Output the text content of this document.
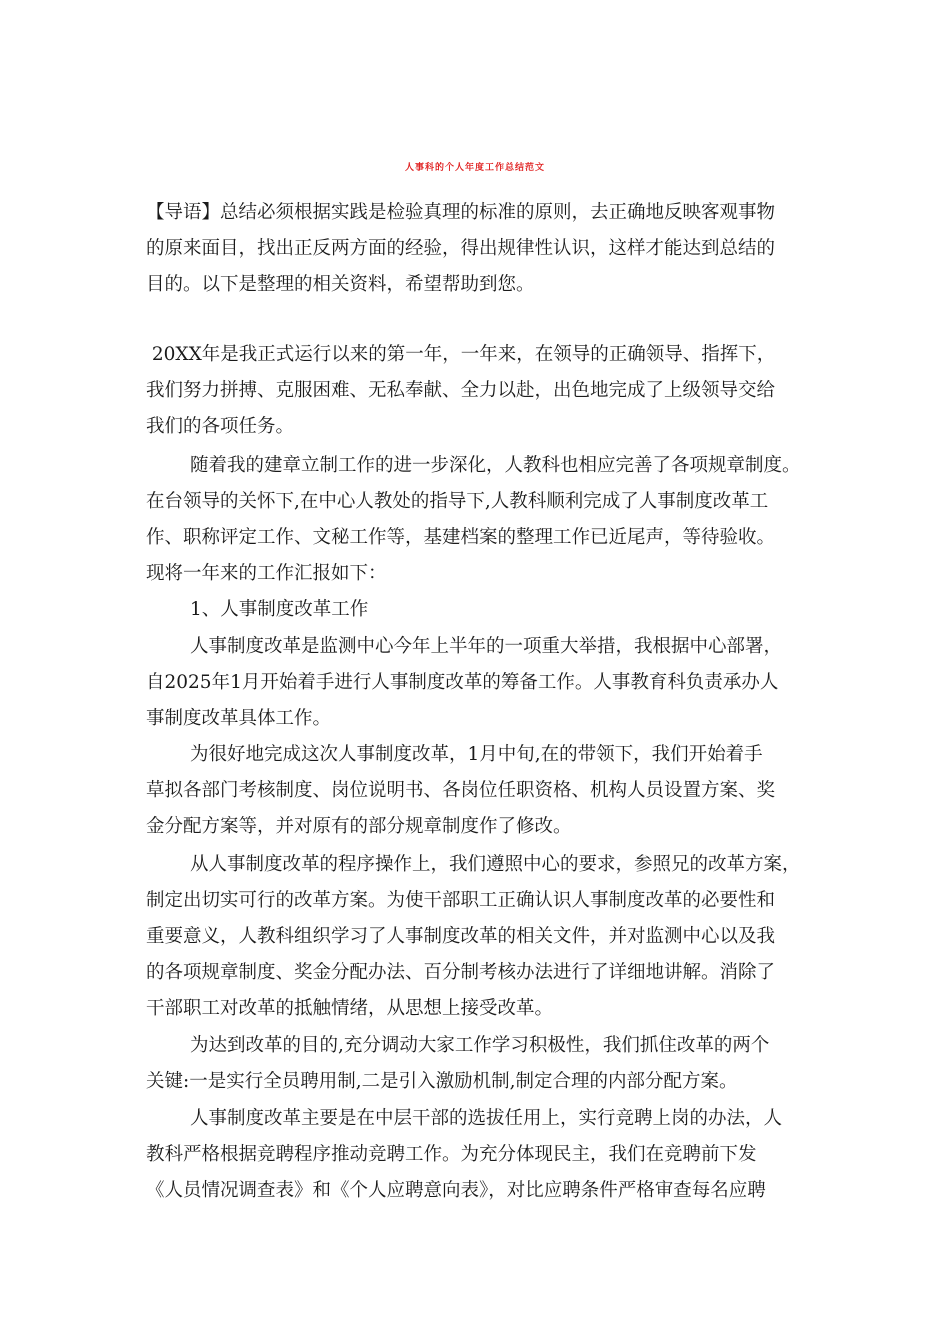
人事科的个人年度工作总结范文
【导语】总结必须根据实践是检验真理的标准的原则，去正确地反映客观事物
的原来面目，找出正反两方面的经验，得出规律性认识，这样才能达到总结的
目的。以下是整理的相关资料，希望帮助到您。
20XX年是我正式运行以来的第一年，一年来，在领导的正确领导、指挥下，
我们努力拼搏、克服困难、无私奉献、全力以赴，出色地完成了上级领导交给
我们的各项任务。
随着我的建章立制工作的进一步深化，人教科也相应完善了各项规章制度。
在台领导的关怀下,在中心人教处的指导下,人教科顺利完成了人事制度改革工
作、职称评定工作、文秘工作等，基建档案的整理工作已近尾声，等待验收。
现将一年来的工作汇报如下：
1、人事制度改革工作
人事制度改革是监测中心今年上半年的一项重大举措，我根据中心部署，
自2025年1月开始着手进行人事制度改革的筹备工作。人事教育科负责承办人
事制度改革具体工作。
为很好地完成这次人事制度改革，1月中旬,在的带领下，我们开始着手
草拟各部门考核制度、岗位说明书、各岗位任职资格、机构人员设置方案、奖
金分配方案等，并对原有的部分规章制度作了修改。
从人事制度改革的程序操作上，我们遵照中心的要求，参照兄的改革方案，
制定出切实可行的改革方案。为使干部职工正确认识人事制度改革的必要性和
重要意义，人教科组织学习了人事制度改革的相关文件，并对监测中心以及我
的各项规章制度、奖金分配办法、百分制考核办法进行了详细地讲解。消除了
干部职工对改革的抵触情绪，从思想上接受改革。
为达到改革的目的,充分调动大家工作学习积极性，我们抓住改革的两个
关键:一是实行全员聘用制,二是引入激励机制,制定合理的内部分配方案。
人事制度改革主要是在中层干部的选拔任用上，实行竞聘上岗的办法，人
教科严格根据竞聘程序推动竞聘工作。为充分体现民主，我们在竞聘前下发
《人员情况调查表》和《个人应聘意向表》，对比应聘条件严格审查每名应聘
